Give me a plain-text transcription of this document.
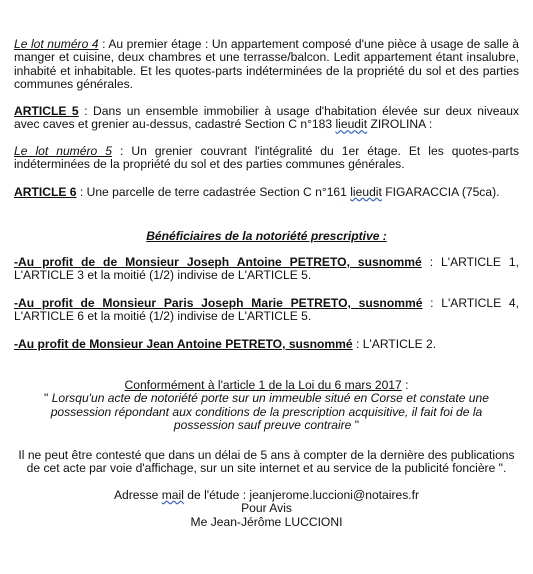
Le lot numéro 4 : Au premier étage : Un appartement composé d'une pièce à usage de salle à manger et cuisine, deux chambres et une terrasse/balcon. Ledit appartement étant insalubre, inhabité et inhabitable. Et les quotes-parts indéterminées de la propriété du sol et des parties communes générales.

ARTICLE 5 : Dans un ensemble immobilier à usage d'habitation élevée sur deux niveaux avec caves et grenier au-dessus, cadastré Section C n°183 lieudit ZIROLINA :

Le lot numéro 5 : Un grenier couvrant l'intégralité du 1er étage. Et les quotes-parts indéterminées de la propriété du sol et des parties communes générales.

ARTICLE 6 : Une parcelle de terre cadastrée Section C n°161 lieudit FIGARACCIA (75ca).

Bénéficiaires de la notoriété prescriptive :

-Au profit de de Monsieur Joseph Antoine PETRETO, susnommé : L'ARTICLE 1, L'ARTICLE 3 et la moitié (1/2) indivise de L'ARTICLE 5.

-Au profit de Monsieur Paris Joseph Marie PETRETO, susnommé : L'ARTICLE 4, L'ARTICLE 6 et la moitié (1/2) indivise de L'ARTICLE 5.

-Au profit de Monsieur Jean Antoine PETRETO, susnommé : L'ARTICLE 2.

Conformément à l'article 1 de la Loi du 6 mars 2017 :
" Lorsqu'un acte de notoriété porte sur un immeuble situé en Corse et constate une possession répondant aux conditions de la prescription acquisitive, il fait foi de la possession sauf preuve contraire "

Il ne peut être contesté que dans un délai de 5 ans à compter de la dernière des publications de cet acte par voie d'affichage, sur un site internet et au service de la publicité foncière ".

Adresse mail de l'étude : jeanjerome.luccioni@notaires.fr
Pour Avis
Me Jean-Jérôme LUCCIONI
